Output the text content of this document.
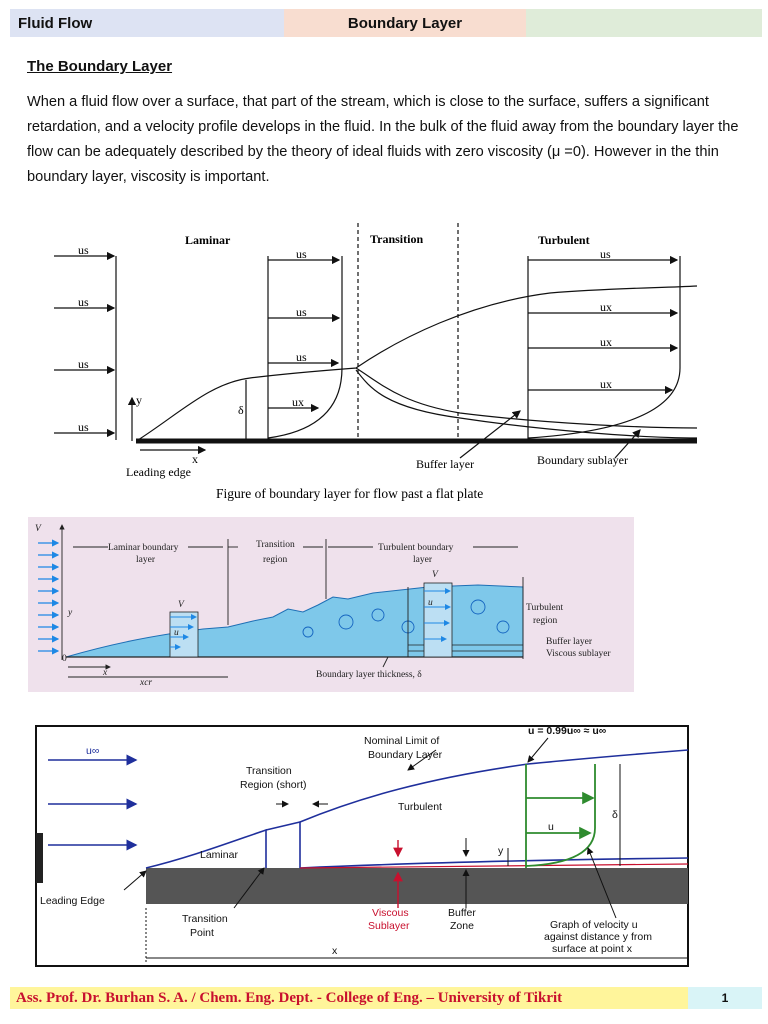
Fluid Flow	Boundary Layer
The Boundary Layer
When a fluid flow over a surface, that part of the stream, which is close to the surface, suffers a significant retardation, and a velocity profile develops in the fluid. In the bulk of the fluid away from the boundary layer the flow can be adequately described by the theory of ideal fluids with zero viscosity (μ =0). However in the thin boundary layer, viscosity is important.
Laminar	Transition	Turbulent
us
us
us
us
us
us
us
ux
us
ux
ux
ux
y
x
δ
Leading edge
Buffer layer	Boundary sublayer
Figure of boundary layer for flow past a flat plate
V
y
0
x
xcr
V
u
V
u
Laminar boundary
layer
Transition
region
Turbulent boundary
layer
Turbulent
region
Buffer layer
Viscous sublayer
Boundary layer thickness, δ
u∞
u = 0.99u∞ ≈ u∞
Nominal Limit of
Boundary Layer
Transition
Region (short)
Turbulent
Laminar
u
y
δ
Leading Edge
Transition
Point
Viscous
Sublayer
Buffer
Zone	Graph of velocity u
against distance y from
surface at point x
x
Ass. Prof. Dr. Burhan S. A. / Chem. Eng. Dept. - College of Eng. – University of Tikrit	1
